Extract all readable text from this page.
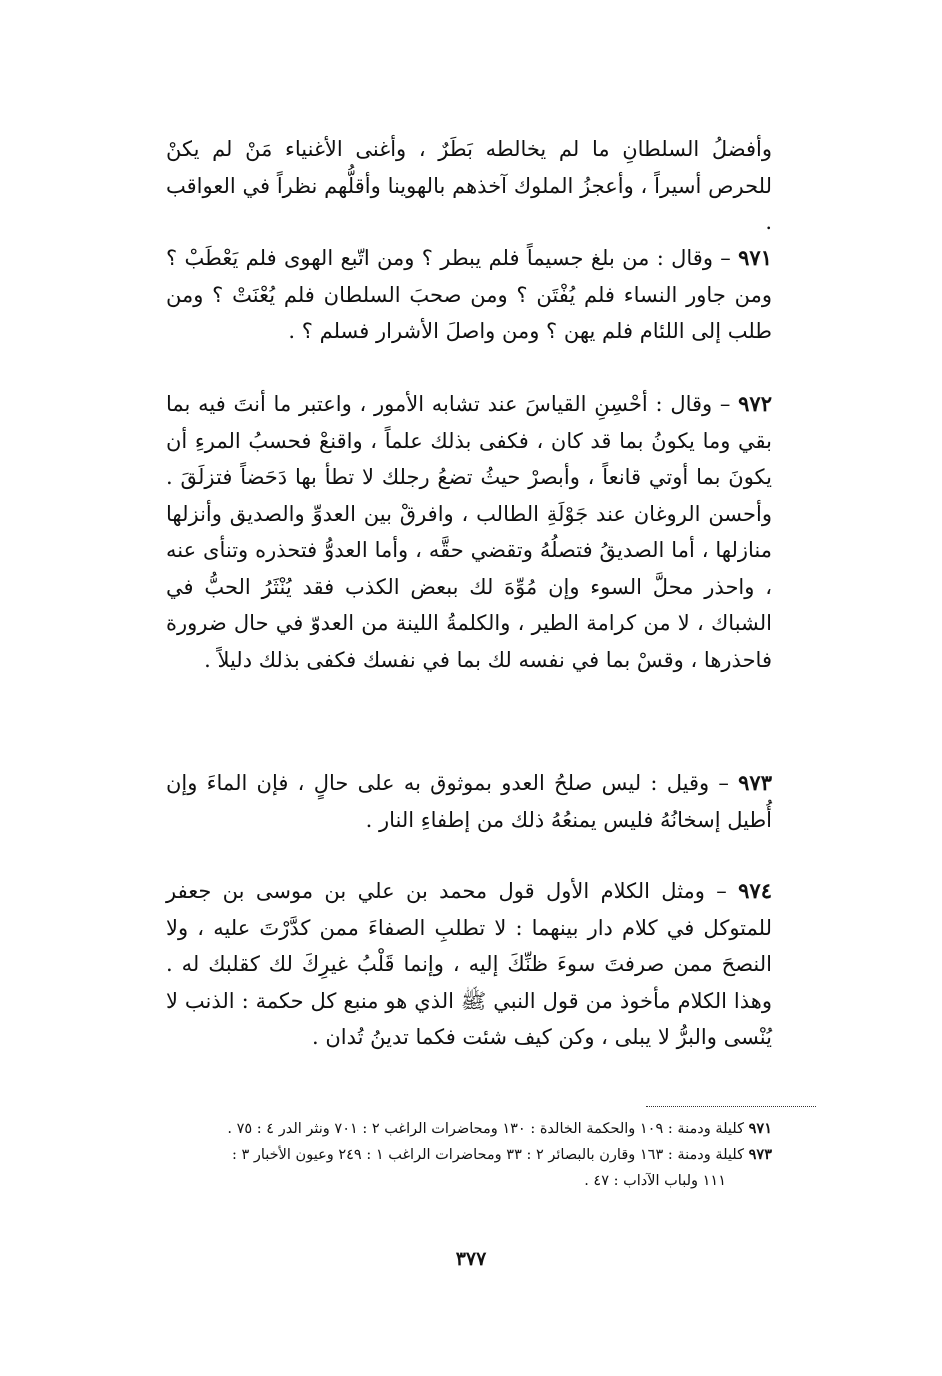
وأفضلُ السلطانِ ما لم يخالطه بَطَرٌ ، وأغنى الأغنياء مَنْ لم يكنْ للحرص أسيراً ، وأعجزُ الملوك آخذهم بالهوينا وأقلُّهم نظراً في العواقب .

٩٧١ – وقال : من بلغ جسيماً فلم يبطر ؟ ومن اتّبع الهوى فلم يَعْطَبْ ؟ ومن جاور النساء فلم يُفْتَن ؟ ومن صحبَ السلطان فلم يُعْنَتْ ؟ ومن طلب إلى اللئام فلم يهن ؟ ومن واصلَ الأشرار فسلم ؟ .

٩٧٢ – وقال : أحْسِنِ القياسَ عند تشابه الأمور ، واعتبر ما أنتَ فيه بما بقي وما يكونُ بما قد كان ، فكفى بذلك علماً ، واقنعْ فحسبُ المرءِ أن يكونَ بما أوتي قانعاً ، وأبصرْ حيثُ تضعُ رجلك لا تطأ بها دَحَضاً فتزلَقَ . وأحسن الروغان عند جَوْلَةِ الطالب ، وافرقْ بين العدوِّ والصديق وأنزلها منازلها ، أما الصديقُ فتصلُهُ وتقضي حقَّه ، وأما العدوُّ فتحذره وتنأى عنه ، واحذر محلَّ السوء وإن مُوِّهَ لك ببعض الكذب فقد يُنْثَرُ الحبُّ في الشباك ، لا من كرامة الطير ، والكلمةُ اللينة من العدوّ في حال ضرورة فاحذرها ، وقسْ بما في نفسه لك بما في نفسك فكفى بذلك دليلاً .

٩٧٣ – وقيل : ليس صلحُ العدو بموثوق به على حالٍ ، فإن الماءَ وإن أُطيل إسخانُهُ فليس يمنعُهُ ذلك من إطفاءِ النار .

٩٧٤ – ومثل الكلام الأول قول محمد بن علي بن موسى بن جعفر للمتوكل في كلام دار بينهما : لا تطلبِ الصفاءَ ممن كدَّرْتَ عليه ، ولا النصحَ ممن صرفتَ سوءَ ظنِّكَ إليه ، وإنما قَلْبُ غيرِكَ لك كقلبك له . وهذا الكلام مأخوذ من قول النبي ﷺ الذي هو منبع كل حكمة : الذنب لا يُنْسى والبرُّ لا يبلى ، وكن كيف شئت فكما تدينُ تُدان .

٩٧١ كليلة ودمنة : ١٠٩ والحكمة الخالدة : ١٣٠ ومحاضرات الراغب ٢ : ٧٠١ ونثر الدر ٤ : ٧٥ .

٩٧٣ كليلة ودمنة : ١٦٣ وقارن بالبصائر ٢ : ٣٣ ومحاضرات الراغب ١ : ٢٤٩ وعيون الأخبار ٣ :

١١١ ولباب الآداب : ٤٧ .

٣٧٧
